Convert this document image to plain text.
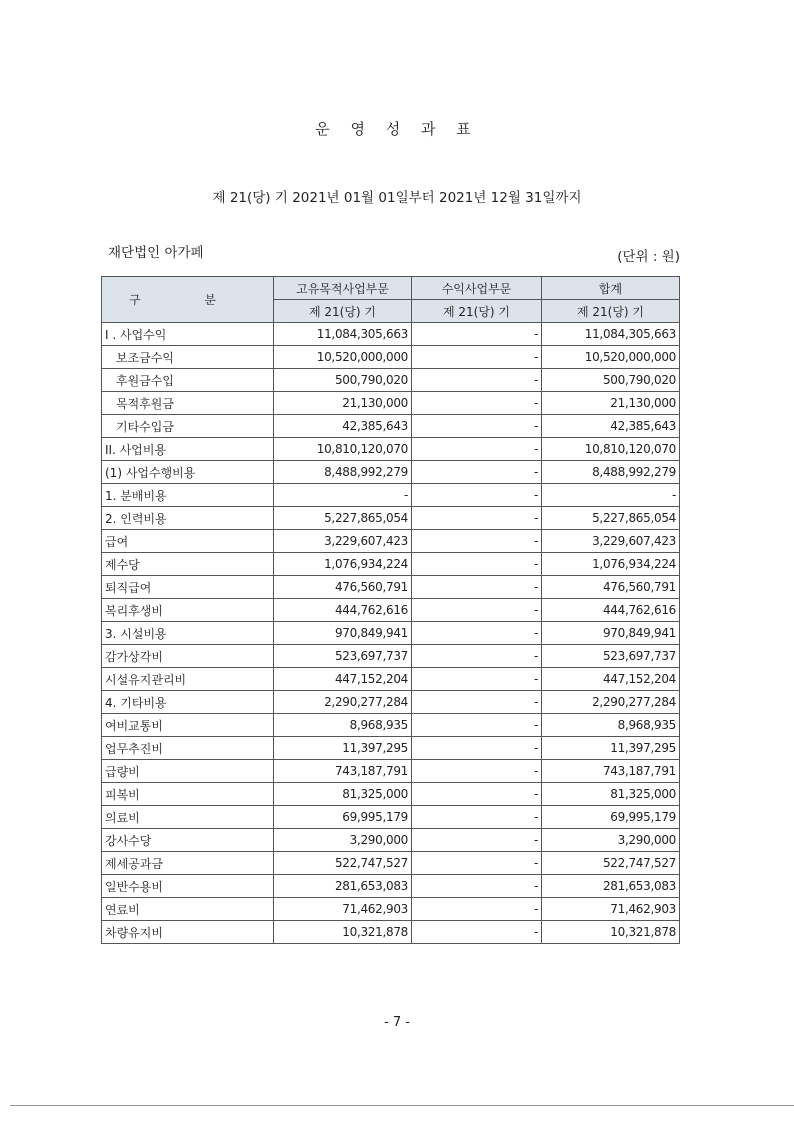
운 영 성 과 표
제 21(당) 기 2021년 01월 01일부터 2021년 12월 31일까지
재단법인 아가페	(단위 : 원)
구 분	고유목적사업부문	수익사업부문	합계
	제 21(당) 기	제 21(당) 기	제 21(당) 기
I . 사업수익	11,084,305,663	-	11,084,305,663
보조금수익	10,520,000,000	-	10,520,000,000
후원금수입	500,790,020	-	500,790,020
목적후원금	21,130,000	-	21,130,000
기타수입금	42,385,643	-	42,385,643
II. 사업비용	10,810,120,070	-	10,810,120,070
(1) 사업수행비용	8,488,992,279	-	8,488,992,279
1. 분배비용	-	-	-
2. 인력비용	5,227,865,054	-	5,227,865,054
급여	3,229,607,423	-	3,229,607,423
제수당	1,076,934,224	-	1,076,934,224
퇴직급여	476,560,791	-	476,560,791
복리후생비	444,762,616	-	444,762,616
3. 시설비용	970,849,941	-	970,849,941
감가상각비	523,697,737	-	523,697,737
시설유지관리비	447,152,204	-	447,152,204
4. 기타비용	2,290,277,284	-	2,290,277,284
여비교통비	8,968,935	-	8,968,935
업무추진비	11,397,295	-	11,397,295
급량비	743,187,791	-	743,187,791
피복비	81,325,000	-	81,325,000
의료비	69,995,179	-	69,995,179
강사수당	3,290,000	-	3,290,000
제세공과금	522,747,527	-	522,747,527
일반수용비	281,653,083	-	281,653,083
연료비	71,462,903	-	71,462,903
차량유지비	10,321,878	-	10,321,878
- 7 -
